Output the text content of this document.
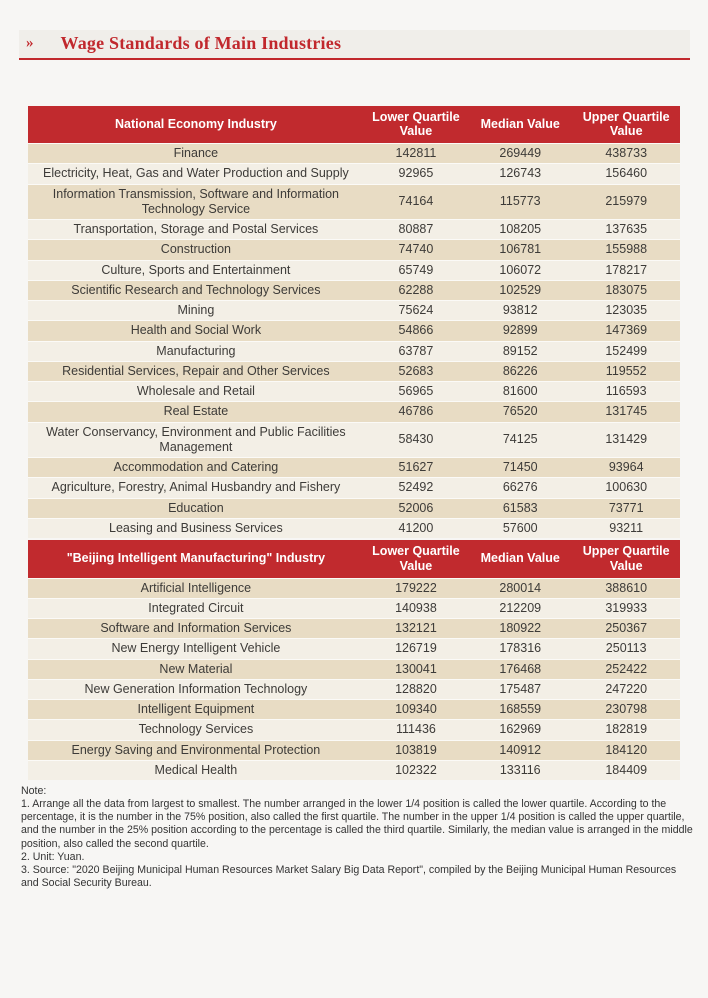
» Wage Standards of Main Industries
National Economy Industry	Lower Quartile Value	Median Value	Upper Quartile Value
Finance	142811	269449	438733
Electricity, Heat, Gas and Water Production and Supply	92965	126743	156460
Information Transmission, Software and Information Technology Service	74164	115773	215979
Transportation, Storage and Postal Services	80887	108205	137635
Construction	74740	106781	155988
Culture, Sports and Entertainment	65749	106072	178217
Scientific Research and Technology Services	62288	102529	183075
Mining	75624	93812	123035
Health and Social Work	54866	92899	147369
Manufacturing	63787	89152	152499
Residential Services, Repair and Other Services	52683	86226	119552
Wholesale and Retail	56965	81600	116593
Real Estate	46786	76520	131745
Water Conservancy, Environment and Public Facilities Management	58430	74125	131429
Accommodation and Catering	51627	71450	93964
Agriculture, Forestry, Animal Husbandry and Fishery	52492	66276	100630
Education	52006	61583	73771
Leasing and Business Services	41200	57600	93211
"Beijing Intelligent Manufacturing" Industry	Lower Quartile Value	Median Value	Upper Quartile Value
Artificial Intelligence	179222	280014	388610
Integrated Circuit	140938	212209	319933
Software and Information Services	132121	180922	250367
New Energy Intelligent Vehicle	126719	178316	250113
New Material	130041	176468	252422
New Generation Information Technology	128820	175487	247220
Intelligent Equipment	109340	168559	230798
Technology Services	111436	162969	182819
Energy Saving and Environmental Protection	103819	140912	184120
Medical Health	102322	133116	184409

Note:

1. Arrange all the data from largest to smallest. The number arranged in the lower 1/4 position is called the lower quartile. According to the percentage, it is the number in the 75% position, also called the first quartile. The number in the upper 1/4 position is called the upper quartile, and the number in the 25% position according to the percentage is called the third quartile. Similarly, the median value is arranged in the middle position, also called the second quartile.

2. Unit: Yuan.

3. Source: "2020 Beijing Municipal Human Resources Market Salary Big Data Report", compiled by the Beijing Municipal Human Resources and Social Security Bureau.
